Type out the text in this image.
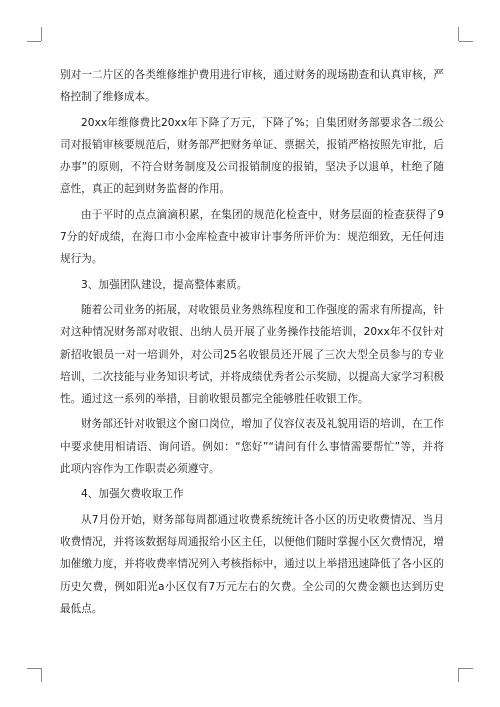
别对一二片区的各类维修维护费用进行审核，通过财务的现场勘查和认真审核，严格控制了维修成本。

20xx年维修费比20xx年下降了万元，下降了%；自集团财务部要求各二级公司对报销审核要规范后，财务部严把财务单证、票据关，报销严格按照先审批，后办事”的原则，不符合财务制度及公司报销制度的报销，坚决予以退单，杜绝了随意性，真正的起到财务监督的作用。

由于平时的点点滴滴积累，在集团的规范化检查中，财务层面的检查获得了97分的好成绩，在海口市小金库检查中被审计事务所评价为：规范细致，无任何违规行为。

3、加强团队建设，提高整体素质。

随着公司业务的拓展，对收银员业务熟练程度和工作强度的需求有所提高，针对这种情况财务部对收银、出纳人员开展了业务操作技能培训，20xx年不仅针对新招收银员一对一培训外，对公司25名收银员还开展了三次大型全员参与的专业培训，二次技能与业务知识考试，并将成绩优秀者公示奖励，以提高大家学习积极性。通过这一系列的举措，目前收银员都完全能够胜任收银工作。

财务部还针对收银这个窗口岗位，增加了仪容仪表及礼貌用语的培训，在工作中要求使用相请语、询问语。例如：“您好”“请问有什么事情需要帮忙”等，并将此项内容作为工作职责必须遵守。

4、加强欠费收取工作

从7月份开始，财务部每周都通过收费系统统计各小区的历史收费情况、当月收费情况，并将该数据每周通报给小区主任，以便他们随时掌握小区欠费情况，增加催缴力度，并将收费率情况列入考核指标中，通过以上举措迅速降低了各小区的历史欠费，例如阳光a小区仅有7万元左右的欠费。全公司的欠费金额也达到历史最低点。
